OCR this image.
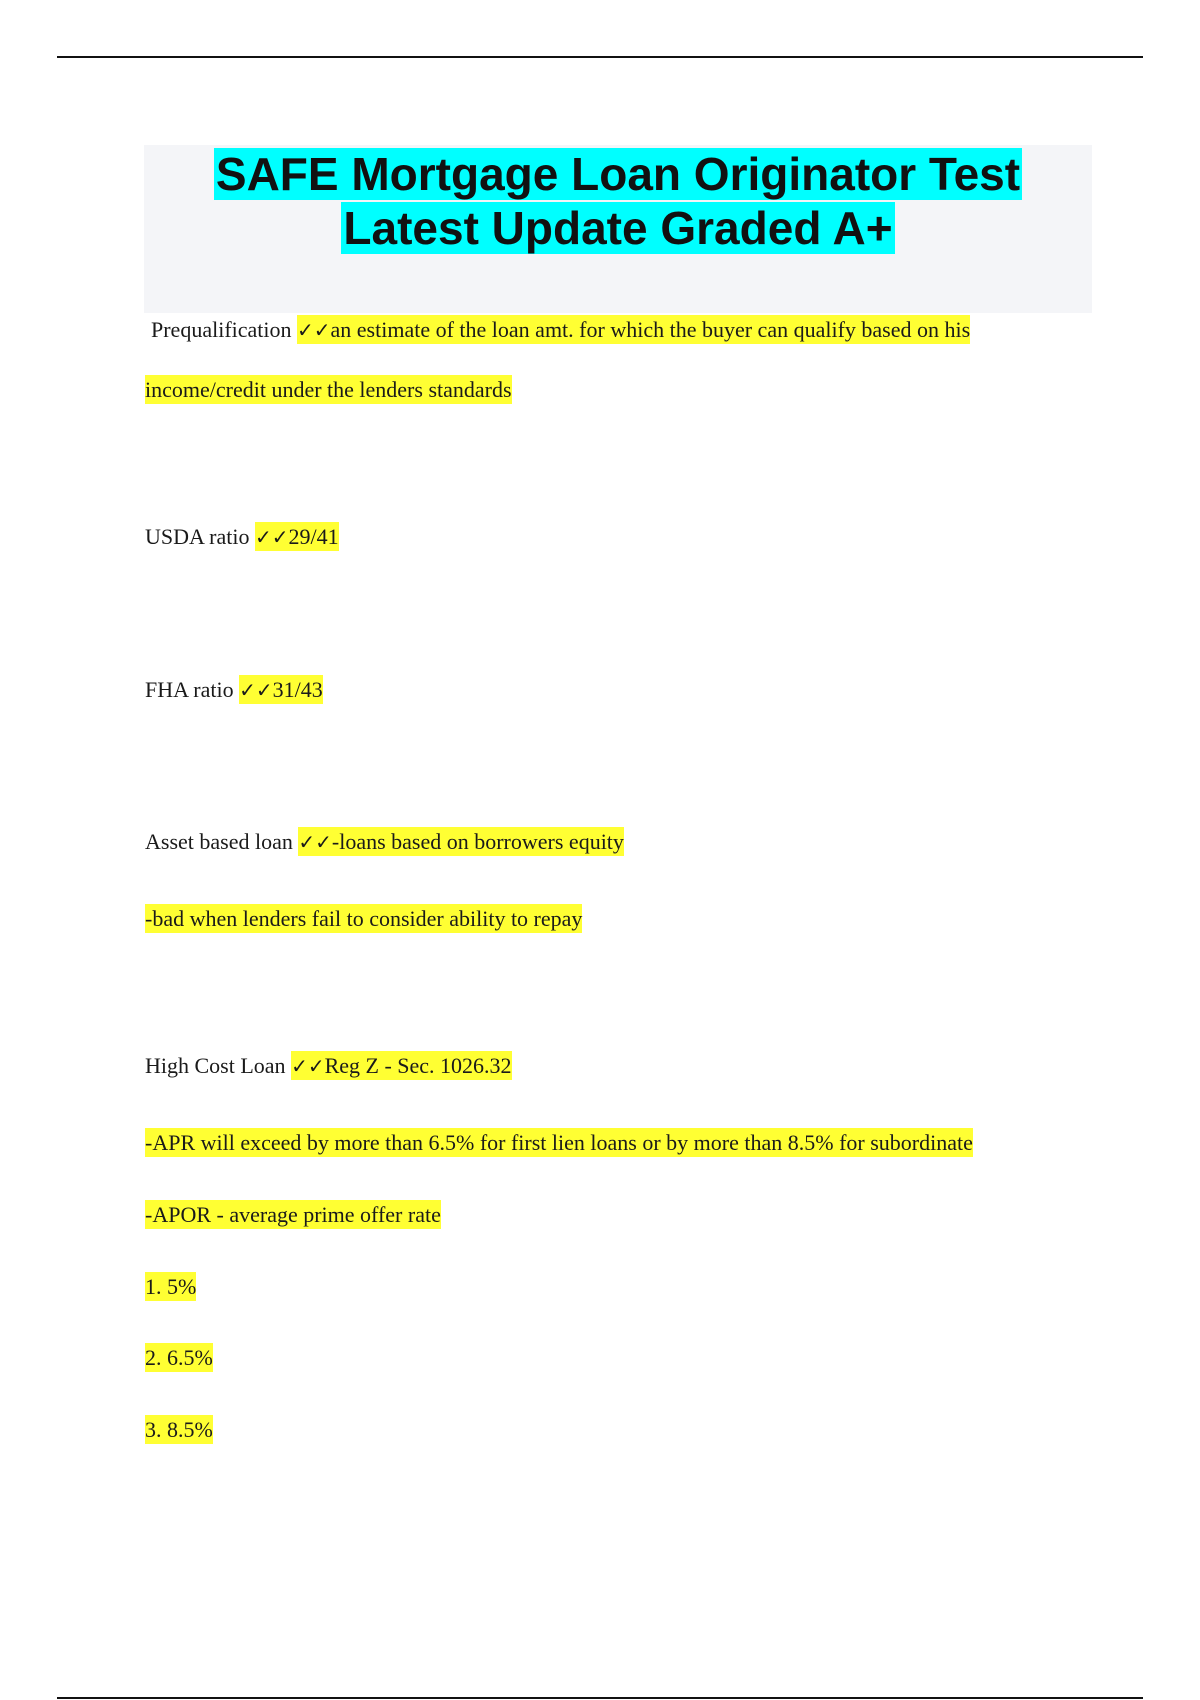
SAFE Mortgage Loan Originator Test
Latest Update Graded A+
Prequalification ✓✓an estimate of the loan amt. for which the buyer can qualify based on his
income/credit under the lenders standards
USDA ratio ✓✓29/41
FHA ratio ✓✓31/43
Asset based loan ✓✓-loans based on borrowers equity
-bad when lenders fail to consider ability to repay
High Cost Loan ✓✓Reg Z - Sec. 1026.32
-APR will exceed by more than 6.5% for first lien loans or by more than 8.5% for subordinate
-APOR - average prime offer rate
1. 5%
2. 6.5%
3. 8.5%
